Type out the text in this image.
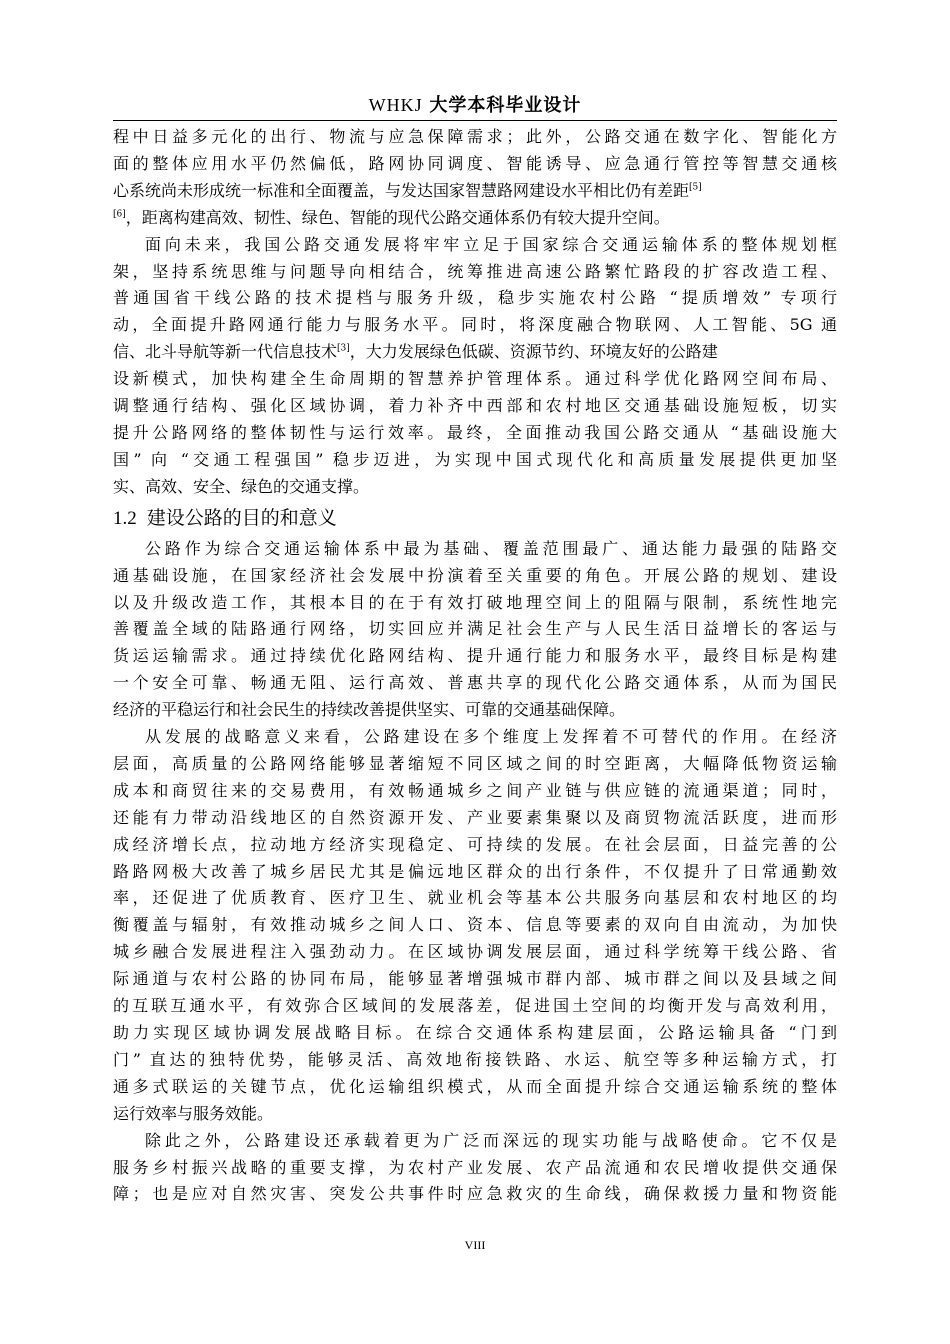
WHKJ 大学本科毕业设计
程中日益多元化的出行、物流与应急保障需求；此外，公路交通在数字化、智能化方
面的整体应用水平仍然偏低，路网协同调度、智能诱导、应急通行管控等智慧交通核
心系统尚未形成统一标准和全面覆盖，与发达国家智慧路网建设水平相比仍有差距[5]
[6]，距离构建高效、韧性、绿色、智能的现代公路交通体系仍有较大提升空间。
面向未来，我国公路交通发展将牢牢立足于国家综合交通运输体系的整体规划框
架，坚持系统思维与问题导向相结合，统筹推进高速公路繁忙路段的扩容改造工程、
普通国省干线公路的技术提档与服务升级，稳步实施农村公路 “提质增效” 专项行
动，全面提升路网通行能力与服务水平。同时，将深度融合物联网、人工智能、5G 通
信、北斗导航等新一代信息技术[3]，大力发展绿色低碳、资源节约、环境友好的公路建
设新模式，加快构建全生命周期的智慧养护管理体系。通过科学优化路网空间布局、
调整通行结构、强化区域协调，着力补齐中西部和农村地区交通基础设施短板，切实
提升公路网络的整体韧性与运行效率。最终，全面推动我国公路交通从 “基础设施大
国” 向 “交通工程强国” 稳步迈进，为实现中国式现代化和高质量发展提供更加坚
实、高效、安全、绿色的交通支撑。
1.2 建设公路的目的和意义
公路作为综合交通运输体系中最为基础、覆盖范围最广、通达能力最强的陆路交
通基础设施，在国家经济社会发展中扮演着至关重要的角色。开展公路的规划、建设
以及升级改造工作，其根本目的在于有效打破地理空间上的阻隔与限制，系统性地完
善覆盖全域的陆路通行网络，切实回应并满足社会生产与人民生活日益增长的客运与
货运运输需求。通过持续优化路网结构、提升通行能力和服务水平，最终目标是构建
一个安全可靠、畅通无阻、运行高效、普惠共享的现代化公路交通体系，从而为国民
经济的平稳运行和社会民生的持续改善提供坚实、可靠的交通基础保障。
从发展的战略意义来看，公路建设在多个维度上发挥着不可替代的作用。在经济
层面，高质量的公路网络能够显著缩短不同区域之间的时空距离，大幅降低物资运输
成本和商贸往来的交易费用，有效畅通城乡之间产业链与供应链的流通渠道；同时，
还能有力带动沿线地区的自然资源开发、产业要素集聚以及商贸物流活跃度，进而形
成经济增长点，拉动地方经济实现稳定、可持续的发展。在社会层面，日益完善的公
路路网极大改善了城乡居民尤其是偏远地区群众的出行条件，不仅提升了日常通勤效
率，还促进了优质教育、医疗卫生、就业机会等基本公共服务向基层和农村地区的均
衡覆盖与辐射，有效推动城乡之间人口、资本、信息等要素的双向自由流动，为加快
城乡融合发展进程注入强劲动力。在区域协调发展层面，通过科学统筹干线公路、省
际通道与农村公路的协同布局，能够显著增强城市群内部、城市群之间以及县域之间
的互联互通水平，有效弥合区域间的发展落差，促进国土空间的均衡开发与高效利用，
助力实现区域协调发展战略目标。在综合交通体系构建层面，公路运输具备 “门到
门” 直达的独特优势，能够灵活、高效地衔接铁路、水运、航空等多种运输方式，打
通多式联运的关键节点，优化运输组织模式，从而全面提升综合交通运输系统的整体
运行效率与服务效能。
除此之外，公路建设还承载着更为广泛而深远的现实功能与战略使命。它不仅是
服务乡村振兴战略的重要支撑，为农村产业发展、农产品流通和农民增收提供交通保
障；也是应对自然灾害、突发公共事件时应急救灾的生命线，确保救援力量和物资能
VIII
